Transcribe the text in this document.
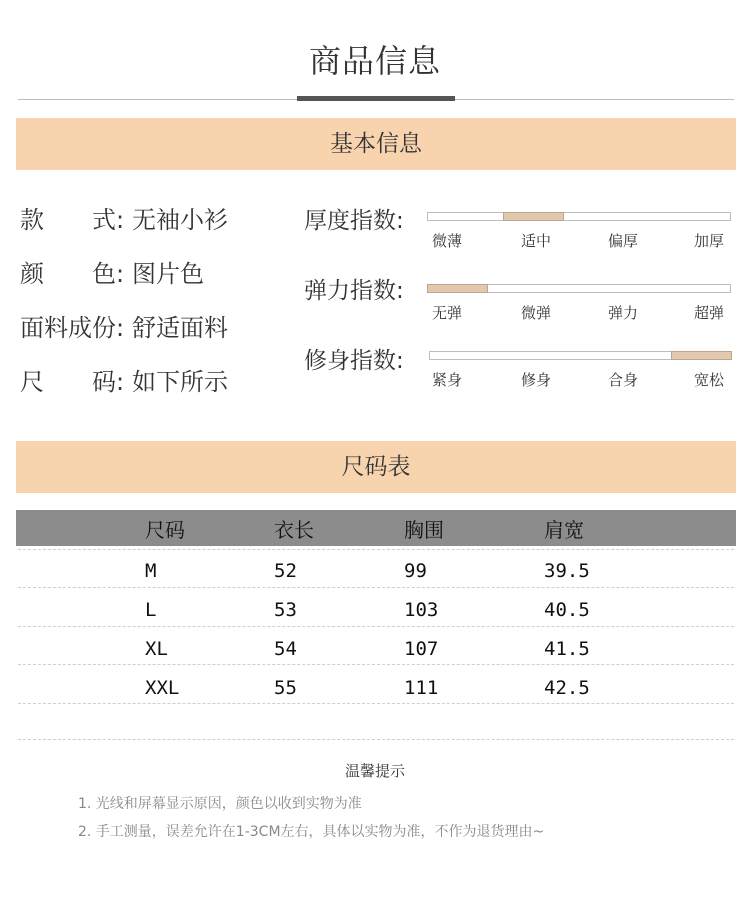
商品信息
基本信息
款 式 : 无袖小衫
颜 色 : 图片色
面料成份: 舒适面料
尺 码 : 如下所示
厚度指数:
微薄	适中	偏厚	加厚
弹力指数:
无弹	微弹	弹力	超弹
修身指数:
紧身	修身	合身	宽松
尺码表
尺码	衣长	胸围	肩宽
M	52	99	39.5
L	53	103	40.5
XL	54	107	41.5
XXL	55	111	42.5
温馨提示
1. 光线和屏幕显示原因，颜色以收到实物为准
2. 手工测量，误差允许在1-3CM左右，具体以实物为准，不作为退货理由~
